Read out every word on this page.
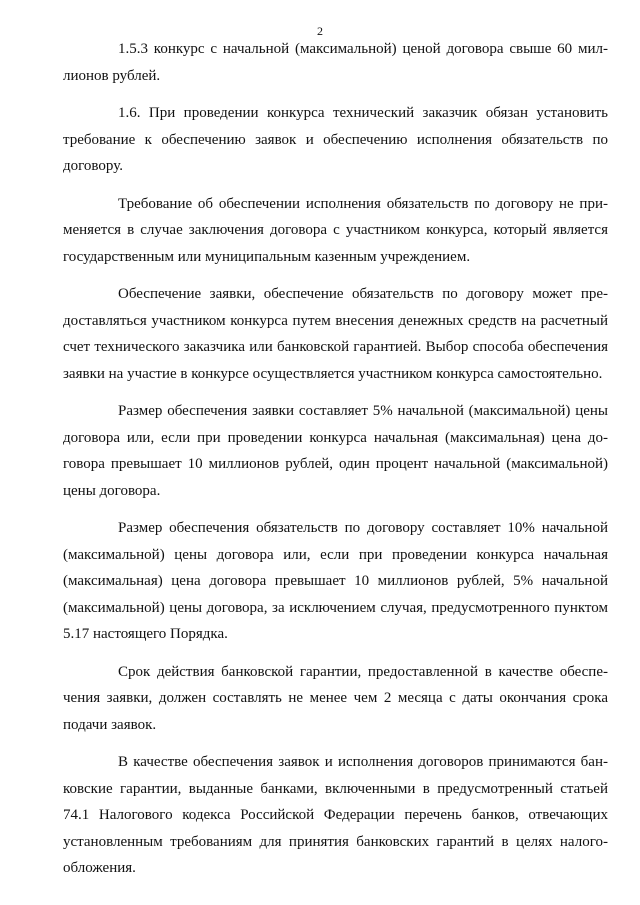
2

1.5.3 конкурс с начальной (максимальной) ценой договора свыше 60 миллионов рублей.

1.6. При проведении конкурса технический заказчик обязан установить требование к обеспечению заявок и обеспечению исполнения обязательств по договору.

Требование об обеспечении исполнения обязательств по договору не применяется в случае заключения договора с участником конкурса, который является государственным или муниципальным казенным учреждением.

Обеспечение заявки, обеспечение обязательств по договору может предоставляться участником конкурса путем внесения денежных средств на расчетный счет технического заказчика или банковской гарантией. Выбор способа обеспечения заявки на участие в конкурсе осуществляется участником конкурса самостоятельно.

Размер обеспечения заявки составляет 5% начальной (максимальной) цены договора или, если при проведении конкурса начальная (максимальная) цена договора превышает 10 миллионов рублей, один процент начальной (максимальной) цены договора.

Размер обеспечения обязательств по договору составляет 10% начальной (максимальной) цены договора или, если при проведении конкурса начальная (максимальная) цена договора превышает 10 миллионов рублей, 5% начальной (максимальной) цены договора, за исключением случая, предусмотренного пунктом 5.17 настоящего Порядка.

Срок действия банковской гарантии, предоставленной в качестве обеспечения заявки, должен составлять не менее чем 2 месяца с даты окончания срока подачи заявок.

В качестве обеспечения заявок и исполнения договоров принимаются банковские гарантии, выданные банками, включенными в предусмотренный статьей 74.1 Налогового кодекса Российской Федерации перечень банков, отвечающих установленным требованиям для принятия банковских гарантий в целях налогообложения.
